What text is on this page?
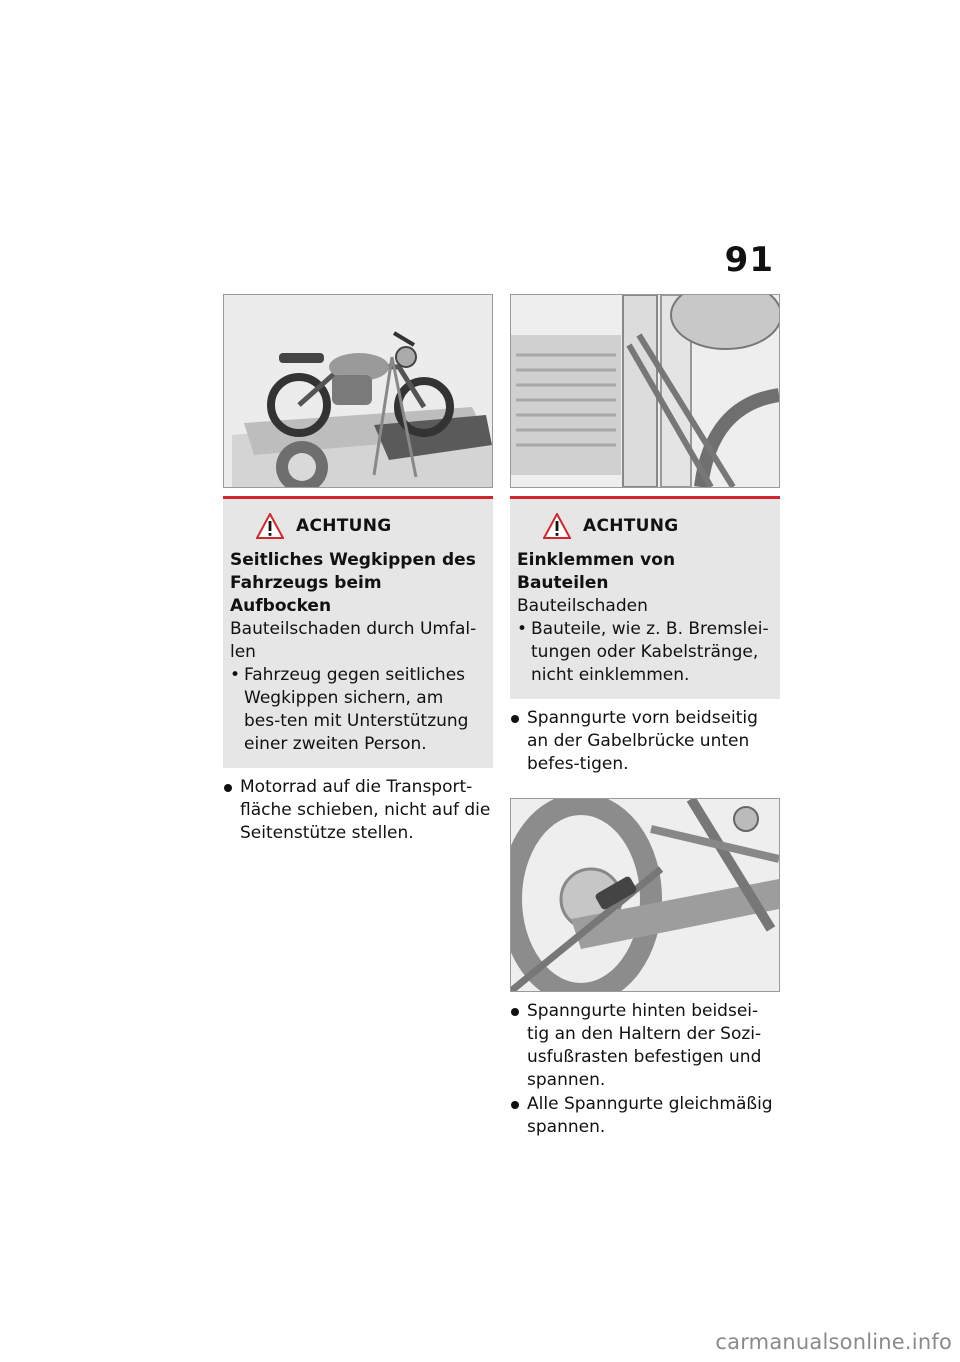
91
ACHTUNG
Seitliches Wegkippen des Fahrzeugs beim Aufbocken
Bauteilschaden durch Umfal-len
• Fahrzeug gegen seitliches Wegkippen sichern, am bes-ten mit Unterstützung einer zweiten Person.
Motorrad auf die Transport-fläche schieben, nicht auf die Seitenstütze stellen.
ACHTUNG
Einklemmen von Bauteilen
Bauteilschaden
• Bauteile, wie z. B. Bremslei-tungen oder Kabelstränge, nicht einklemmen.
Spanngurte vorn beidseitig an der Gabelbrücke unten befes-tigen.
Spanngurte hinten beidsei-tig an den Haltern der Sozi-usfußrasten befestigen und spannen.
Alle Spanngurte gleichmäßig spannen.
carmanualsonline.info
